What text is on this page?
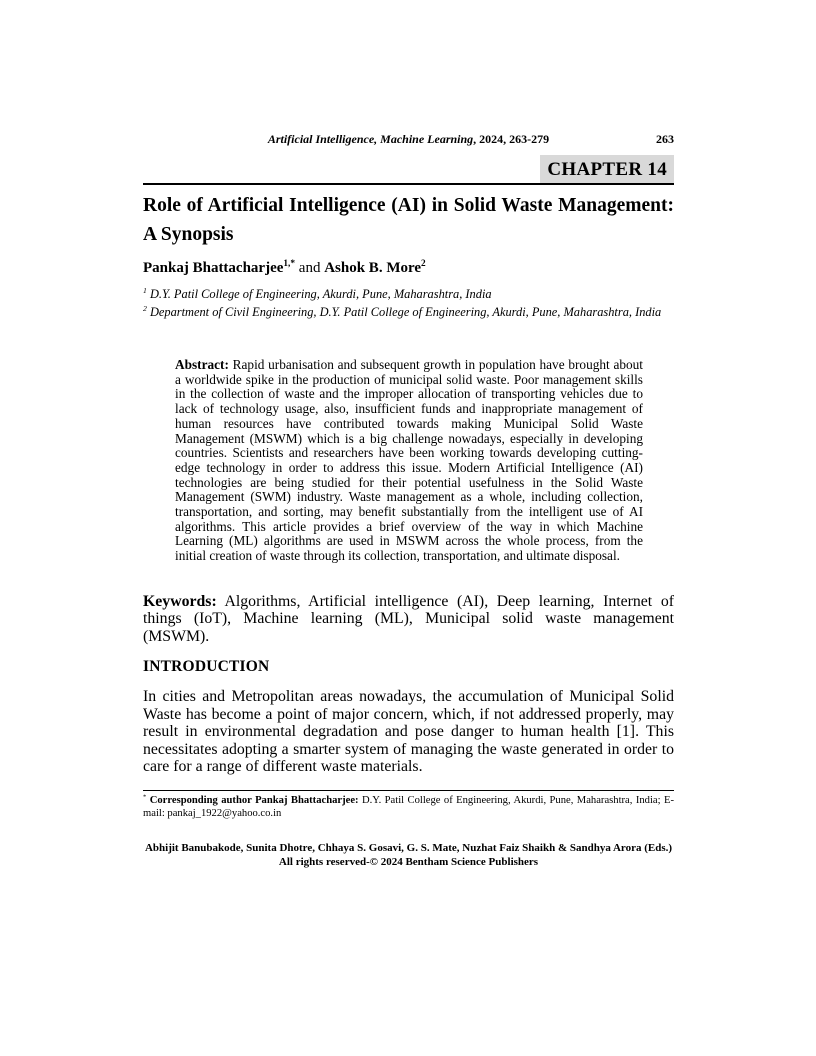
Artificial Intelligence, Machine Learning, 2024, 263-279	263
CHAPTER 14
Role of Artificial Intelligence (AI) in Solid Waste Management: A Synopsis
Pankaj Bhattacharjee$^{1,*}$ and Ashok B. More$^2$

$^1$ D.Y. Patil College of Engineering, Akurdi, Pune, Maharashtra, India

$^2$ Department of Civil Engineering, D.Y. Patil College of Engineering, Akurdi, Pune, Maharashtra, India

Abstract: Rapid urbanisation and subsequent growth in population have brought about a worldwide spike in the production of municipal solid waste. Poor management skills in the collection of waste and the improper allocation of transporting vehicles due to lack of technology usage, also, insufficient funds and inappropriate management of human resources have contributed towards making Municipal Solid Waste Management (MSWM) which is a big challenge nowadays, especially in developing countries. Scientists and researchers have been working towards developing cutting-edge technology in order to address this issue. Modern Artificial Intelligence (AI) technologies are being studied for their potential usefulness in the Solid Waste Management (SWM) industry. Waste management as a whole, including collection, transportation, and sorting, may benefit substantially from the intelligent use of AI algorithms. This article provides a brief overview of the way in which Machine Learning (ML) algorithms are used in MSWM across the whole process, from the initial creation of waste through its collection, transportation, and ultimate disposal.

Keywords: Algorithms, Artificial intelligence (AI), Deep learning, Internet of things (IoT), Machine learning (ML), Municipal solid waste management (MSWM).

INTRODUCTION

In cities and Metropolitan areas nowadays, the accumulation of Municipal Solid Waste has become a point of major concern, which, if not addressed properly, may result in environmental degradation and pose danger to human health [1]. This necessitates adopting a smarter system of managing the waste generated in order to care for a range of different waste materials.

* Corresponding author Pankaj Bhattacharjee: D.Y. Patil College of Engineering, Akurdi, Pune, Maharashtra, India; E-mail: pankaj_1922@yahoo.co.in
Abhijit Banubakode, Sunita Dhotre, Chhaya S. Gosavi, G. S. Mate, Nuzhat Faiz Shaikh & Sandhya Arora (Eds.)
All rights reserved-© 2024 Bentham Science Publishers
